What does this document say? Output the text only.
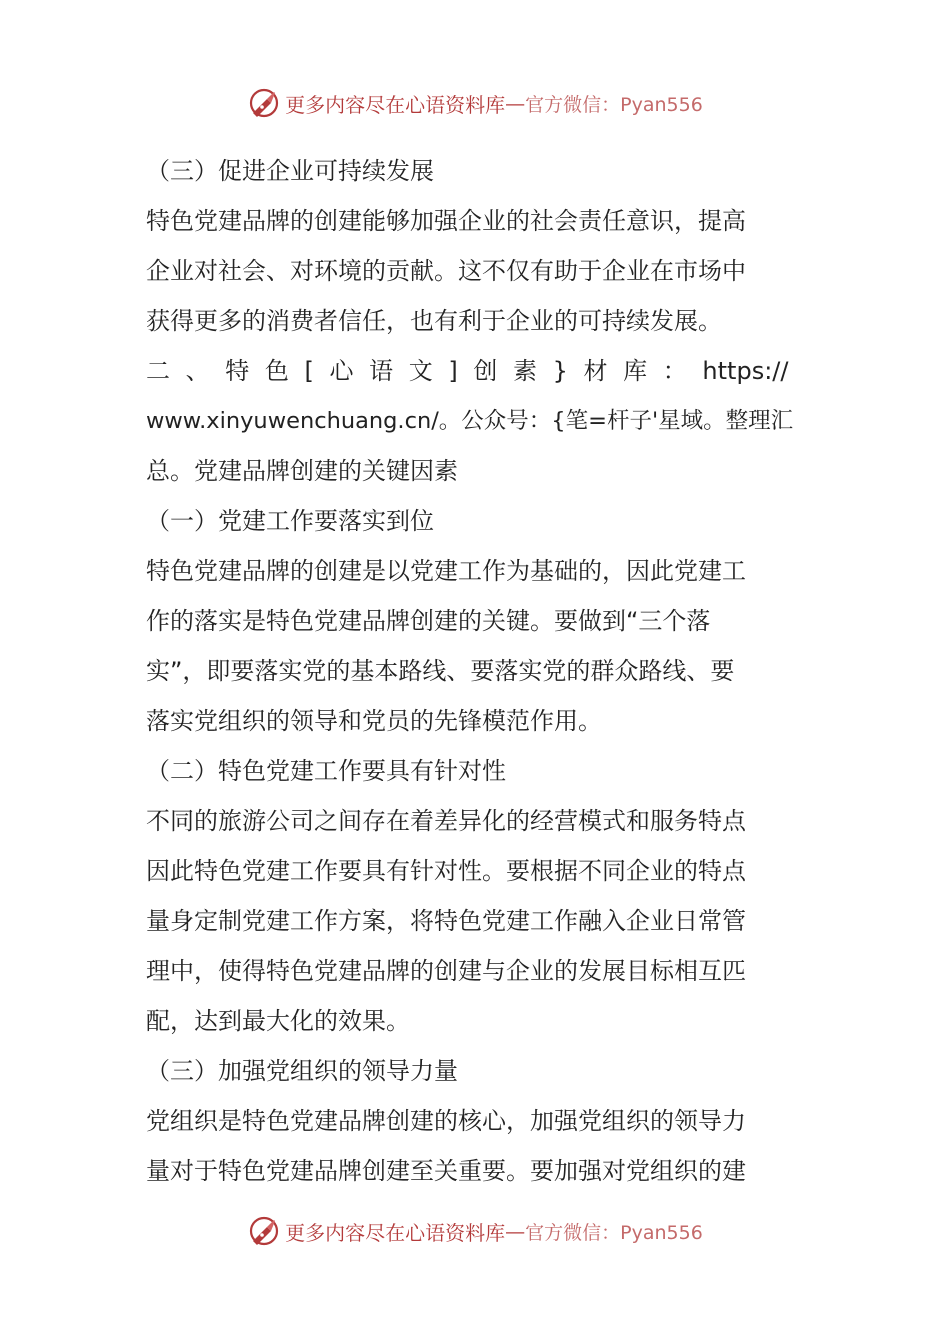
更多内容尽在心语资料库 — 官方微信：Pyan556
（三）促进企业可持续发展
特色党建品牌的创建能够加强企业的社会责任意识，提高
企业对社会、对环境的贡献。这不仅有助于企业在市场中
获得更多的消费者信任，也有利于企业的可持续发展。
二 、 特 色 [ 心 语 文 ] 创 素 } 材 库 ： https://
www.xinyuwenchuang.cn/。公众号：{笔=杆子'星域。整理汇
总。党建品牌创建的关键因素
（一）党建工作要落实到位
特色党建品牌的创建是以党建工作为基础的，因此党建工
作的落实是特色党建品牌创建的关键。要做到“三个落
实”，即要落实党的基本路线、要落实党的群众路线、要
落实党组织的领导和党员的先锋模范作用。
（二）特色党建工作要具有针对性
不同的旅游公司之间存在着差异化的经营模式和服务特点
因此特色党建工作要具有针对性。要根据不同企业的特点
量身定制党建工作方案，将特色党建工作融入企业日常管
理中，使得特色党建品牌的创建与企业的发展目标相互匹
配，达到最大化的效果。
（三）加强党组织的领导力量
党组织是特色党建品牌创建的核心，加强党组织的领导力
量对于特色党建品牌创建至关重要。要加强对党组织的建
更多内容尽在心语资料库 — 官方微信：Pyan556
